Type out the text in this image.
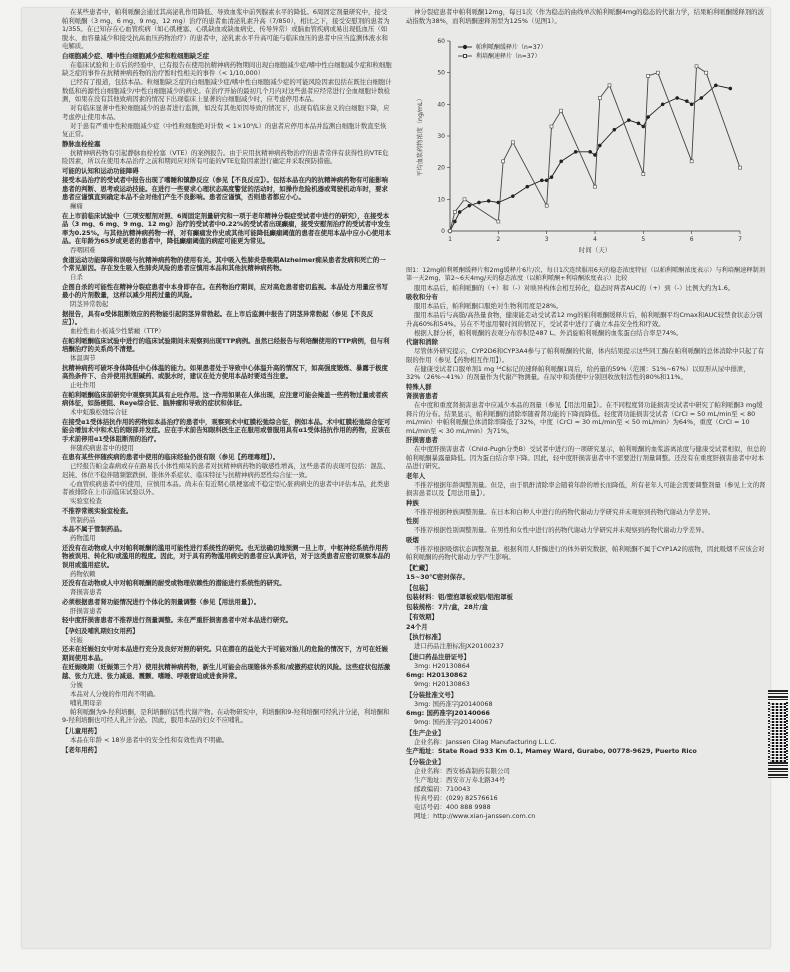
在某些患者中，帕利哌酮会通过其高泌乳作用降低、导致血浆中前列腺素水平的降低。6周固定剂量研究中，接受帕利哌酮（3 mg、6 mg、9 mg、12 mg）治疗的患者血清泌乳素升高（7/850），相比之下，接受安慰剂的患者为1/355。在已知存在心血管疾病（如心肌梗塞、心肌缺血或缺血病史、传导异常）或脑血管疾病或易出现低血压（如脱水、血容量减少和接受抗高血压药物治疗）的患者中，泌乳素水平升高可能与临床血压的患者中应当监测体液水和电解质。

白细胞减少症、嗜中性白细胞减少症和粒细胞缺乏症

在临床试验和上市后的经验中，已有报告在使用抗精神病药物期间出现白细胞减少症/嗜中性白细胞减少症和粒细胞缺乏症的事件在抗精神病药物的治疗暂时性相关的事件（< 1/10,000）

已经有了报道，包括本品。粒细胞缺乏症的白细胞减少症/嗜中性白细胞减少症的可能风险因素包括在既往白细胞计数低和药源性白细胞减少/中性白细胞减少的病史。在治疗开始的最初几个月内对这些患者应经常进行全血细胞计数检测，如果在没有其他致病因素的情况下出现临床上显著的白细胞减少时，应考虑停用本品。

对有临床显著中性粒细胞减少的患者进行监测，如没有其他原因导致的情况下，出现有临床意义的白细胞下降，应考虑停止使用本品。

对于患有严重中性粒细胞减少症（中性粒细胞绝对计数 < 1×10⁹/L）的患者应停用本品并监测白细胞计数直至恢复正常。

静脉血栓栓塞

抗精神病药物有引起静脉血栓栓塞（VTE）的案例报告。由于应用抗精神病药物治疗的患者常伴有获得性的VTE危险因素，所以在使用本品治疗之前和期间应对所有可能的VTE危险因素进行确定并采取预防措施。

可能的认知和运动功能障碍

接受本品治疗的受试者中报告出现了嗜睡和镇静反应（参见【不良反应】）。包括本品在内的抗精神病药物有可能影响患者的判断、思考或运动技能。在进行一些要求心理状态高度警觉的活动时，如操作危险机器或驾驶机动车时，要求患者应谨慎直到确定本品不会对他们产生不良影响。患者应谨慎，否则患者都应小心。

癫痫

在上市前临床试验中（三项安慰剂对照、6周固定剂量研究和一项于老年精神分裂症受试者中进行的研究），在接受本品（3 mg、6 mg、9 mg、12 mg）治疗的受试者中0.22%的受试者出现癫痫，接受安慰剂治疗的受试者中发生率为0.25%。与其他抗精神病药物一样，对有癫痫发作史或其他可能降低癫痫阈值的患者在使用本品中应小心使用本品。在年龄为65岁或更老的患者中，降低癫痫阈值的病症可能更为常见。

吞咽困难

食道运动功能障碍和误吸与抗精神病药物的使用有关。其中吸入性肺炎是晚期Alzheimer痴呆患者发病和死亡的一个常见原因。存在发生吸入性肺炎风险的患者应慎用本品和其他抗精神病药物。

自杀

企图自杀的可能性在精神分裂症患者中本身即存在。在药物治疗期间，应对高危患者密切监视。本品处方用量应书写最小的片剂数量，这样以减少用药过量的风险。

阴茎异常勃起

据报告，具有α受体阻断效应的药物能引起阴茎异常勃起。在上市后监测中报告了阴茎异常勃起（参见【不良反应】）。

血栓性血小板减少性紫癜（TTP）

在帕利哌酮临床试验中进行的临床试验期间未观察到出现TTP病例。虽然已经报告与利培酮使用的TTP病例，但与利培酮治疗的关系尚不清楚。

体温调节

抗精神病药可破坏身体降低中心体温的能力。如果患者处于导致中心体温升高的情况下，如高强度锻炼、暴露于极度高热条件下、合并使用抗胆碱药、或脱水时，建议在处方使用本品时要适当注意。

止吐作用

在帕利哌酮临床前研究中观察到其具有止吐作用。这一作用如果在人体出现，应注意可能会掩盖一些药物过量或者疾病体征，如肠梗阻、Reye综合征、脑肿瘤和导致的症状和体征。

术中虹膜松弛综合征

在接受α1受体拮抗作用的药物如本品治疗的患者中，观察到术中虹膜松弛综合征，例如本品。术中虹膜松弛综合征可能会增加术中和术后的眼部并发症。应在手术前告知眼科医生正在服用或曾服用具有α1受体拮抗作用的药物，应该在手术前停用α1受体阻断剂的治疗。

伴随疾病患者中的使用

在患有某些伴随疾病的患者中使用的临床经验仍很有限（参见【药理毒理】）。

已经报告帕金森病或存在路易氏小体性痴呆的患者对抗精神病药物的敏感性增高，这些患者的表现可包括：混乱、迟钝、体位不稳伴随频繁跌倒、锥体外系症状、临床特征与抗精神病药恶性综合征一致。

心血管疾病患者中的使用，应慎用本品。尚未在有近期心肌梗塞或不稳定型心脏病病史的患者中评估本品，此类患者被排除在上市前临床试验以外。

实验室检查

不推荐常规实验室检查。

管制药品

本品不属于管制药品。

药物滥用

还没有在动物或人中对帕利哌酮的滥用可能性进行系统性的研究。也无法确切地预测一旦上市，中枢神经系统作用药物被误用、转化和/或滥用的程度。因此，对于具有药物滥用病史的患者应认真评估，对于这类患者应密切观察本品的误用或滥用症状。

药物依赖

还没有在动物或人中对帕利哌酮的耐受或物理依赖性的潜能进行系统性的研究。

肾损害患者

必须根据患者肾功能情况进行个体化的剂量调整（参见【用法用量】）。

肝损害患者

轻中度肝损害患者不推荐进行剂量调整。未在严重肝损害患者中对本品进行研究。

【孕妇及哺乳期妇女用药】

妊娠

还未在妊娠妇女中对本品进行充分及良好对照的研究。只在潜在的益处大于可能对胎儿的危险的情况下，方可在妊娠期间使用本品。

在妊娠晚期（妊娠第三个月）使用抗精神病药物，新生儿可能会出现锥体外系和/或撤药症状的风险。这些症状包括激越、张力亢进、张力减退、震颤、嗜睡、呼吸窘迫或进食异常。

分娩

本品对人分娩的作用尚不明确。

哺乳期母亲

帕利哌酮为9-羟利培酮，是利培酮的活性代谢产物。在动物研究中，利培酮和9-羟利培酮可经乳汁分泌，利培酮和9-羟利培酮也可经人乳汁分泌。因此，服用本品的妇女不应哺乳。

【儿童用药】

本品在年龄 < 18岁患者中的安全性和有效性尚不明确。

【老年用药】

神分裂症患者中帕利哌酮12mg，每日1次（作为稳态的曲线单次帕利哌酮4mg的稳态的代谢力学，结果帕利哌酮缓释剂的波动指数为38%，而利培酮速释剂型为125%（见图1）。

0
10
20
30
40
50
60
1	2	3	4	5	6	7
时间（天）
平均血浆药物浓度（ng/mL）
帕利哌酮缓释片（n=37）
利培酮速释片（n=37）

图1：12mg帕利哌酮缓释片和2mg缓释片6片/次，每日1次连续服用6天的稳态浓度特征（以帕利哌酮浓度表示）与利培酮速释制剂第一天2mg，第2~6天4mg/天的稳态浓度（以帕利哌酮+利培酮浓度表示）比较

服用本品后，帕利哌酮的（+）和（-）对映异构体会相互转化，稳态时两者AUC的（+）到（-）比例大约为1.6。

吸收和分布

服用本品后，帕利哌酮口服绝对生物利用度是28%。

服用本品后与高脂/高热量食物，健康能走动受试者12 mg的帕利哌酮缓释片后，帕利哌酮平均Cmax和AUC较禁食状态分别升高60%和54%。另在不考虑用餐时间的情况下，受试者中进行了确立本品安全性和疗效。

根据人群分析，帕利哌酮的表观分布容积是487 L。外消旋帕利哌酮的血浆蛋白结合率是74%。

代谢和消除

尽管体外研究提示，CYP2D6和CYP3A4参与了帕利哌酮的代谢，体内结果提示这些同工酶在帕利哌酮的总体消除中只起了有限的作用（参见【药物相互作用】）。

在健康受试者口服单剂1 mg ¹⁴C标记的速释帕利哌酮1周后，给药量的59%（范围：51%~67%）以原形从尿中排泄，32%（26%~41%）的剂量作为代谢产物测量。在尿中和粪便中分别回收放射活性的80%和11%。

特殊人群

肾损害患者

在中度和重度肾损害患者中应减少本品的剂量（参见【用法用量】）。在不同程度肾功能损害受试者中研究了帕利哌酮3 mg缓释片的分布。结果显示，帕利哌酮的清除率随着肾功能的下降而降低。轻度肾功能损害受试者（CrCl = 50 mL/min至 < 80 mL/min）中帕利哌酮总体清除率降低了32%，中度（CrCl = 30 mL/min至 < 50 mL/min）为64%，重度（CrCl = 10 mL/min至 < 30 mL/min）为71%。

肝损害患者

在中度肝损害患者（Child-Pugh分类B）受试者中进行的一项研究显示，帕利哌酮的血浆游离浓度与健康受试者相似，但总的帕利哌酮暴露量降低。因为蛋白结合率下降。因此，轻中度肝损害患者中不需要进行剂量调整。还没有在重度肝损害患者中对本品进行研究。

老年人

不推荐根据年龄调整剂量。但是，由于肌酐清除率会随着年龄的增长而降低，所有老年人可能会需要调整剂量（参见上文的肾损害患者以及【用法用量】）。

种族

不推荐根据种族调整剂量。在日本和白种人中进行的药物代谢动力学研究并未观察到药物代谢动力学差异。

性别

不推荐根据性别调整剂量。在男性和女性中进行的药物代谢动力学研究并未观察到药物代谢动力学差异。

吸烟

不推荐根据吸烟状态调整剂量。根据利用人肝酶进行的体外研究数据，帕利哌酮不属于CYP1A2的底物，因此吸烟不应该会对帕利哌酮的药物代谢动力学产生影响。

【贮藏】

15~30℃密封保存。

【包装】

包装材料：铝/塑泡罩板或铝/铝泡罩板

包装规格：7片/盒，28片/盒

【有效期】

24个月

【执行标准】

进口药品注册标准JX20100237

【进口药品注册证号】

3mg: H20130864

6mg: H20130862

9mg: H20130863

【分装批准文号】

3mg: 国药准字J20140068

6mg: 国药准字J20140066

9mg: 国药准字J20140067

【生产企业】

企业名称：Janssen Cilag Manufacturing L.L.C.

生产地址：State Road 933 Km 0.1, Mamey Ward, Gurabo, 00778-9629, Puerto Rico

【分装企业】

企业名称：西安杨森制药有限公司

生产地址：西安市万寿北路34号

邮政编码：710043

传真号码：(029) 82576616

电话号码：400 888 9988

网址：http://www.xian-janssen.com.cn
